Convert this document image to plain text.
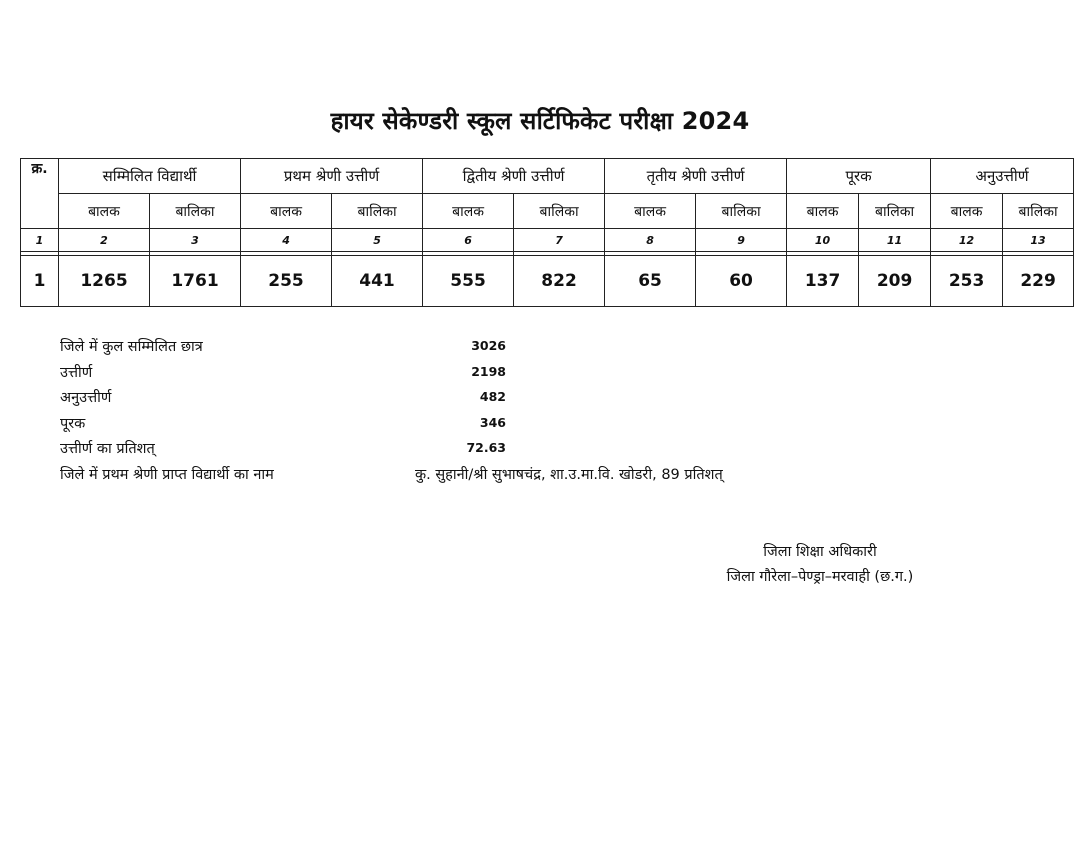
हायर सेकेण्डरी स्कूल सर्टिफिकेट परीक्षा 2024
क्र.	सम्मिलित विद्यार्थी		प्रथम श्रेणी उत्तीर्ण		द्वितीय श्रेणी उत्तीर्ण		तृतीय श्रेणी उत्तीर्ण		पूरक		अनुउत्तीर्ण	
	बालक	बालिका	बालक	बालिका	बालक	बालिका	बालक	बालिका	बालक	बालिका	बालक	बालिका
1	2	3	4	5	6	7	8	9	10	11	12	13

1	1265	1761	255	441	555	822	65	60	137	209	253	229
जिले में कुल सम्मिलित छात्र	3026
उत्तीर्ण	2198
अनुउत्तीर्ण	482
पूरक	346
उत्तीर्ण का प्रतिशत्	72.63
जिले में प्रथम श्रेणी प्राप्त विद्यार्थी का नाम	कु. सुहानी/श्री सुभाषचंद्र, शा.उ.मा.वि. खोडरी, 89 प्रतिशत्
जिला शिक्षा अधिकारी
जिला गौरेला–पेण्ड्रा–मरवाही (छ.ग.)
